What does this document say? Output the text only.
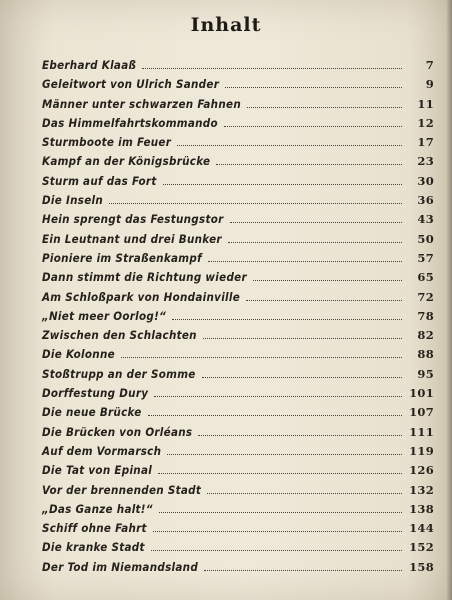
Inhalt
Eberhard Klaaß	7
Geleitwort von Ulrich Sander	9
Männer unter schwarzen Fahnen	11
Das Himmelfahrtskommando	12
Sturmboote im Feuer	17
Kampf an der Königsbrücke	23
Sturm auf das Fort	30
Die Inseln	36
Hein sprengt das Festungstor	43
Ein Leutnant und drei Bunker	50
Pioniere im Straßenkampf	57
Dann stimmt die Richtung wieder	65
Am Schloßpark von Hondainville	72
„Niet meer Oorlog!“	78
Zwischen den Schlachten	82
Die Kolonne	88
Stoßtrupp an der Somme	95
Dorffestung Dury	101
Die neue Brücke	107
Die Brücken von Orléans	111
Auf dem Vormarsch	119
Die Tat von Epinal	126
Vor der brennenden Stadt	132
„Das Ganze halt!“	138
Schiff ohne Fahrt	144
Die kranke Stadt	152
Der Tod im Niemandsland	158
